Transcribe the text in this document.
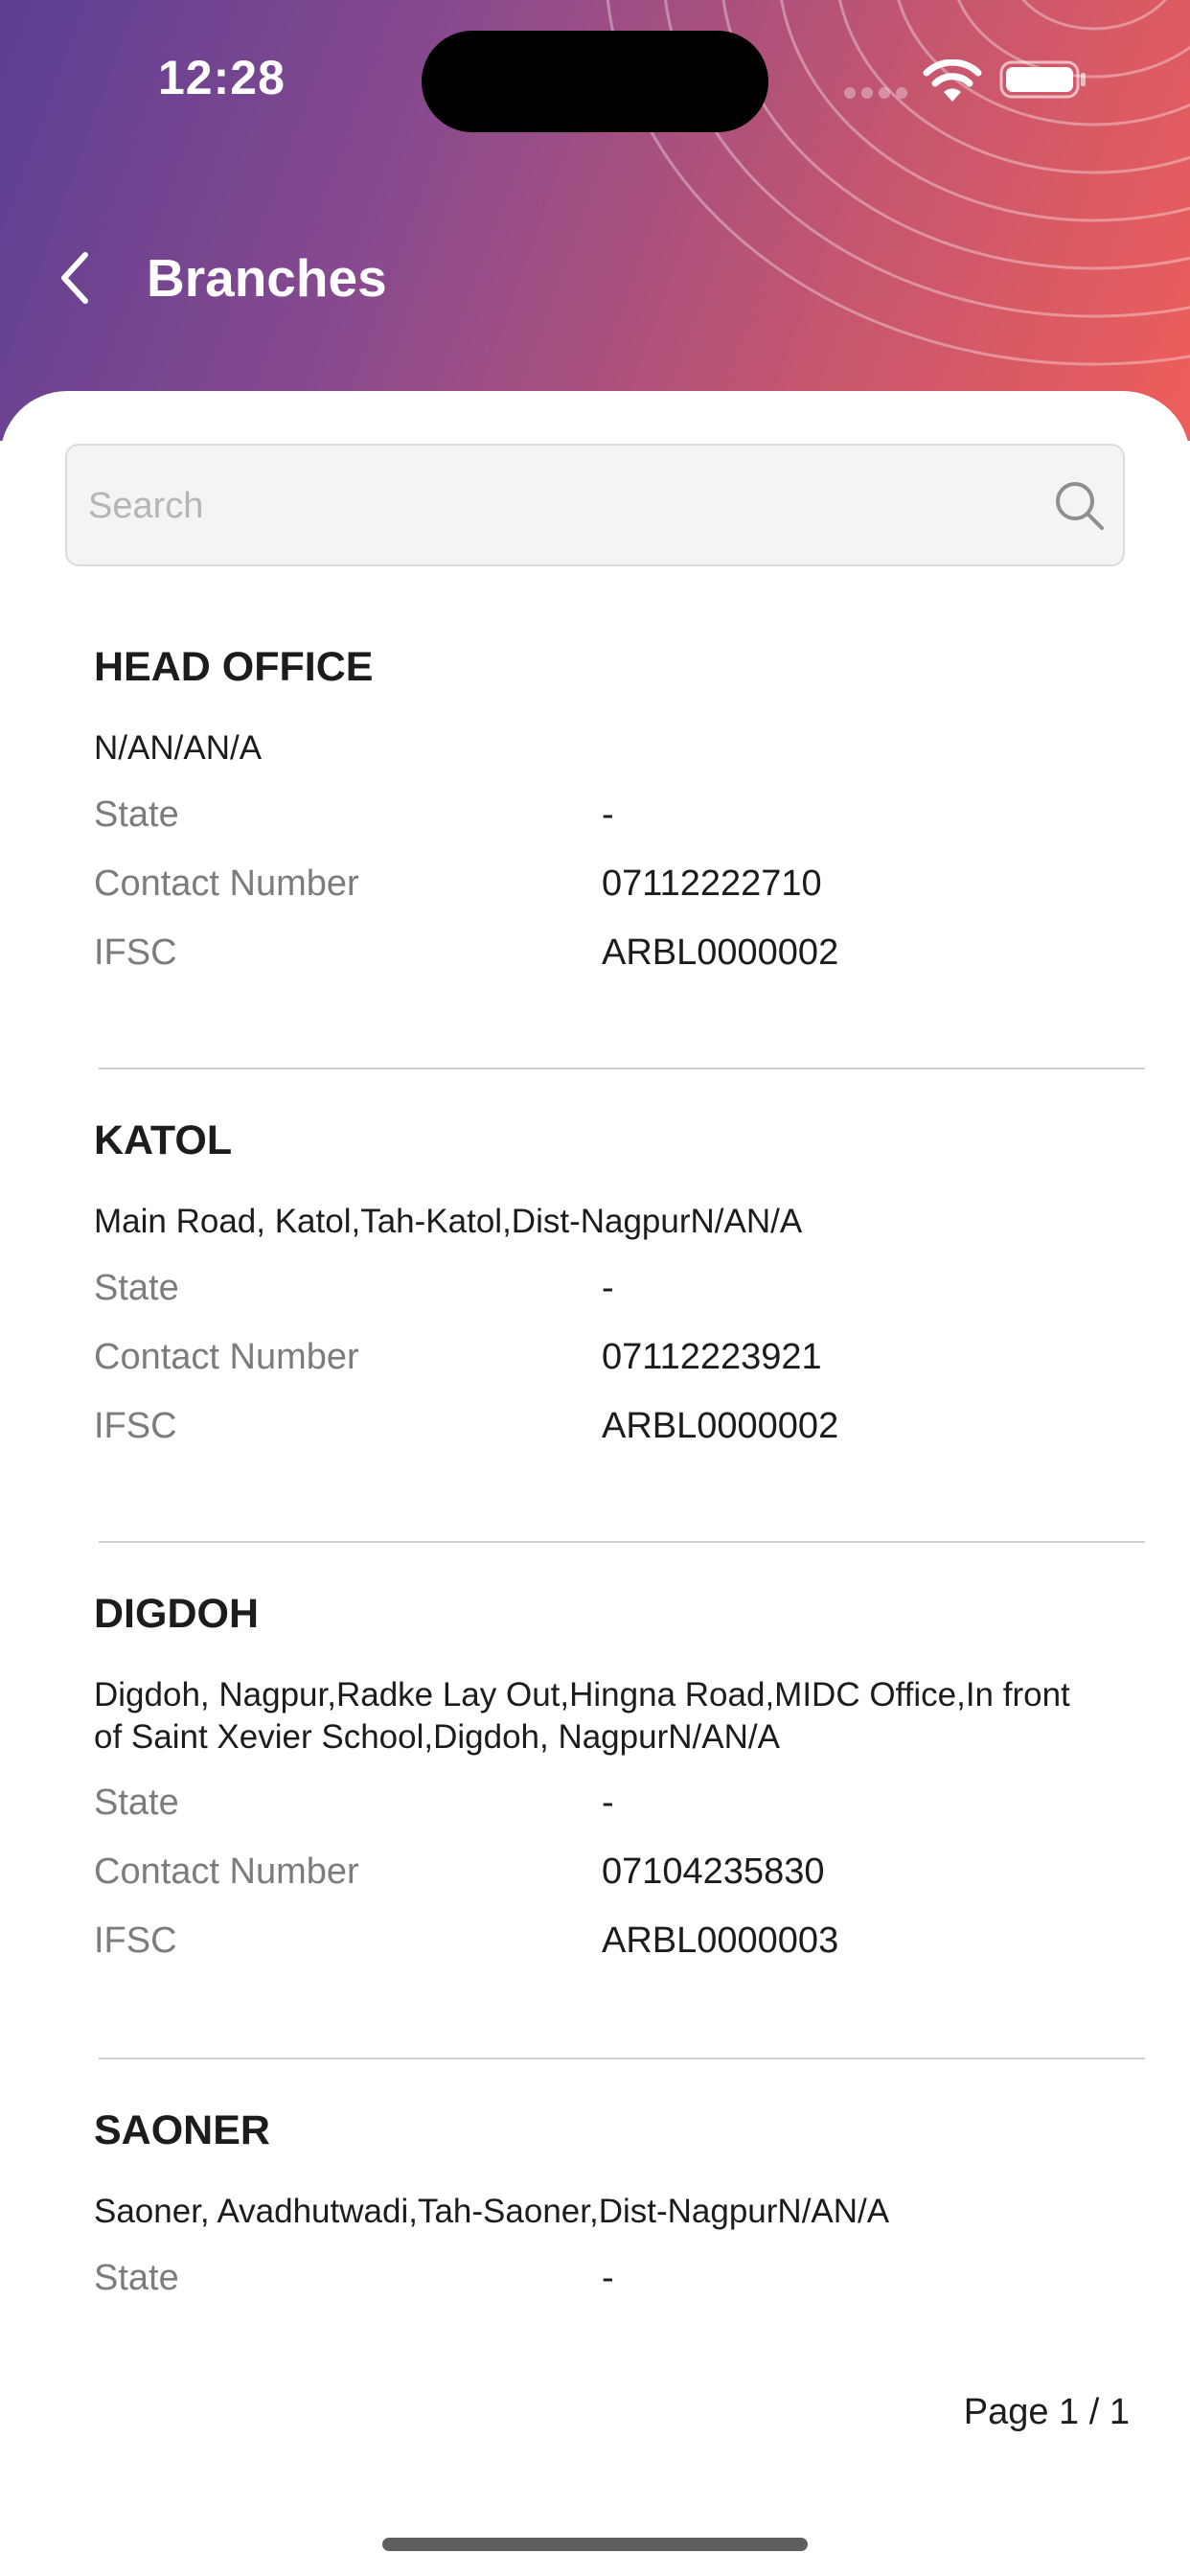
12:28
Branches
Search
HEAD OFFICE
N/AN/AN/A
State	-
Contact Number	07112222710
IFSC	ARBL0000002
KATOL
Main Road, Katol,Tah-Katol,Dist-NagpurN/AN/A
State	-
Contact Number	07112223921
IFSC	ARBL0000002
DIGDOH
Digdoh, Nagpur,Radke Lay Out,Hingna Road,MIDC Office,In front of Saint Xevier School,Digdoh, NagpurN/AN/A
State	-
Contact Number	07104235830
IFSC	ARBL0000003
SAONER
Saoner, Avadhutwadi,Tah-Saoner,Dist-NagpurN/AN/A
State	-
Page 1 / 1
